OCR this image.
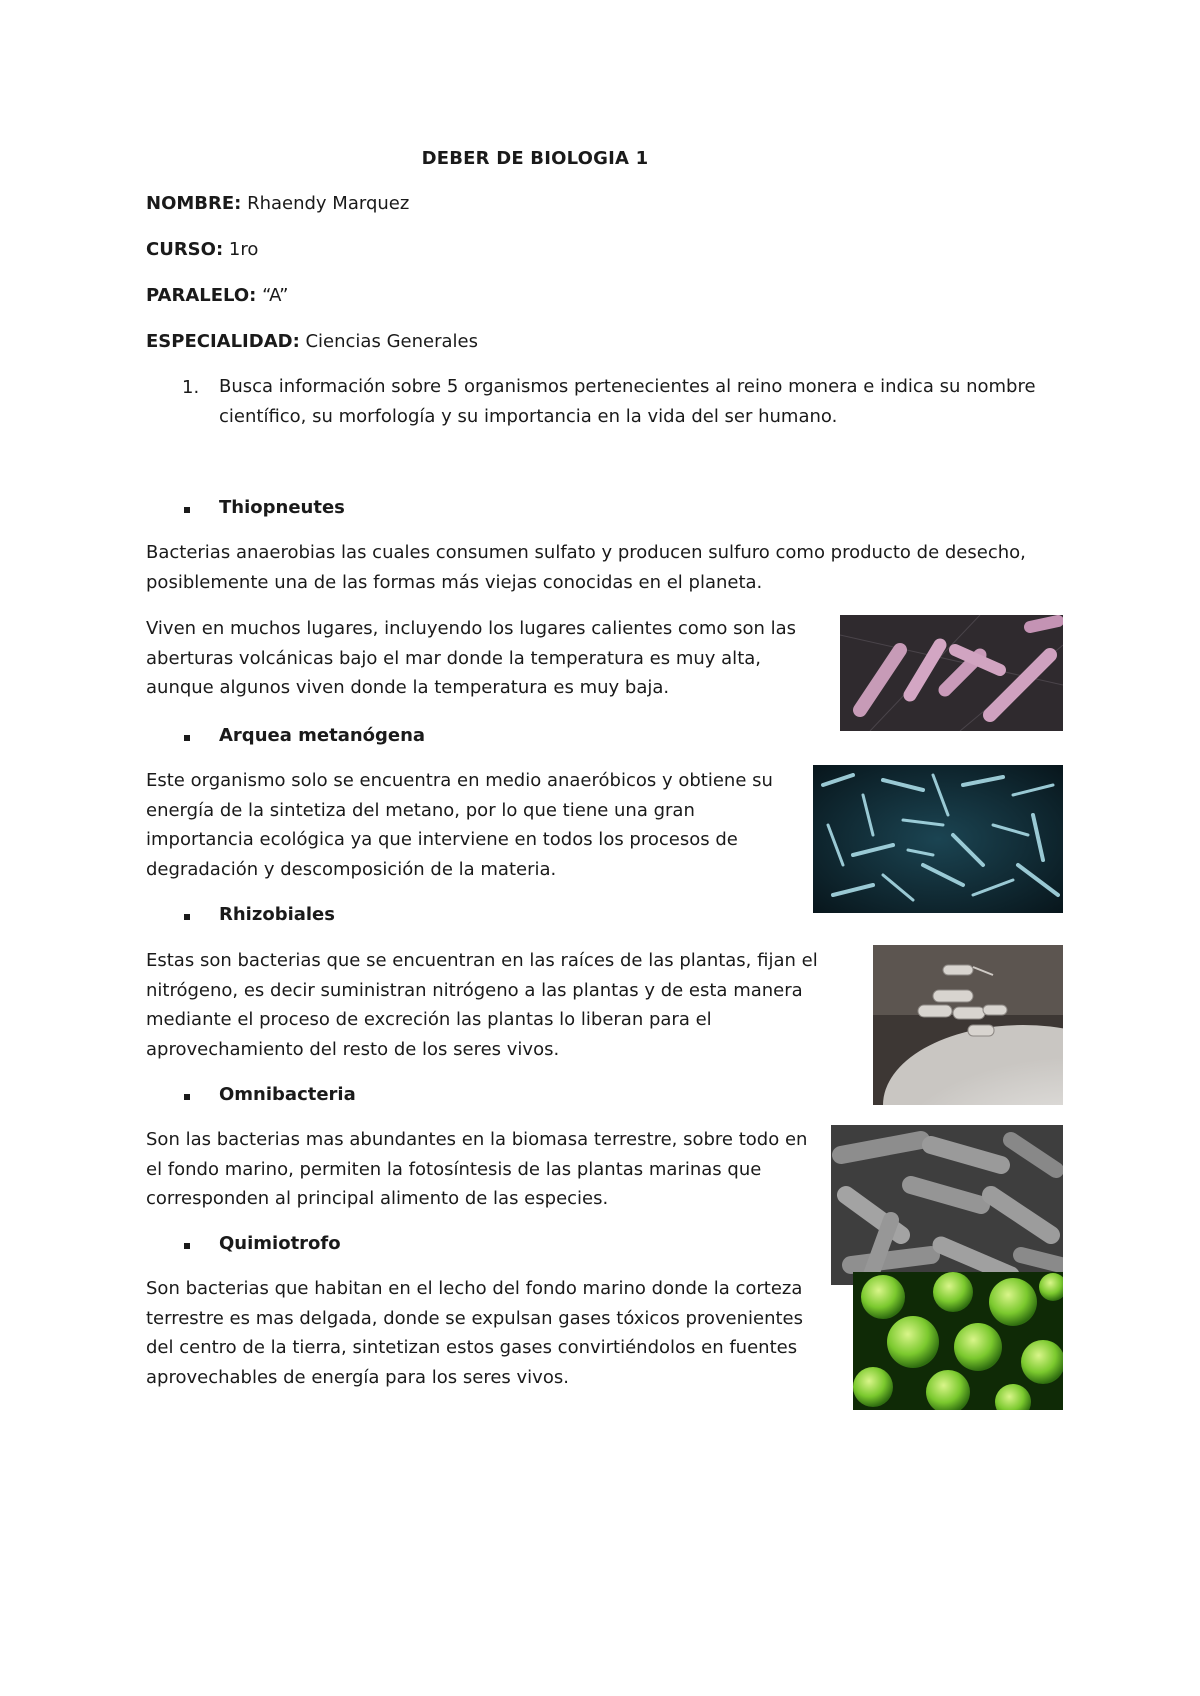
DEBER DE BIOLOGIA 1
NOMBRE: Rhaendy Marquez
CURSO: 1ro
PARALELO: “A”
ESPECIALIDAD: Ciencias Generales
1. Busca información sobre 5 organismos pertenecientes al reino monera e indica su nombre científico, su morfología y su importancia en la vida del ser humano.
Thiopneutes
Bacterias anaerobias las cuales consumen sulfato y producen sulfuro como producto de desecho, posiblemente una de las formas más viejas conocidas en el planeta.
Viven en muchos lugares, incluyendo los lugares calientes como son las aberturas volcánicas bajo el mar donde la temperatura es muy alta, aunque algunos viven donde la temperatura es muy baja.
Arquea metanógena
Este organismo solo se encuentra en medio anaeróbicos y obtiene su energía de la sintetiza del metano, por lo que tiene una gran importancia ecológica ya que interviene en todos los procesos de degradación y descomposición de la materia.
Rhizobiales
Estas son bacterias que se encuentran en las raíces de las plantas, fijan el nitrógeno, es decir suministran nitrógeno a las plantas y de esta manera mediante el proceso de excreción las plantas lo liberan para el aprovechamiento del resto de los seres vivos.
Omnibacteria
Son las bacterias mas abundantes en la biomasa terrestre, sobre todo en el fondo marino, permiten la fotosíntesis de las plantas marinas que corresponden al principal alimento de las especies.
Quimiotrofo
Son bacterias que habitan en el lecho del fondo marino donde la corteza terrestre es mas delgada, donde se expulsan gases tóxicos provenientes del centro de la tierra, sintetizan estos gases convirtiéndolos en fuentes aprovechables de energía para los seres vivos.
